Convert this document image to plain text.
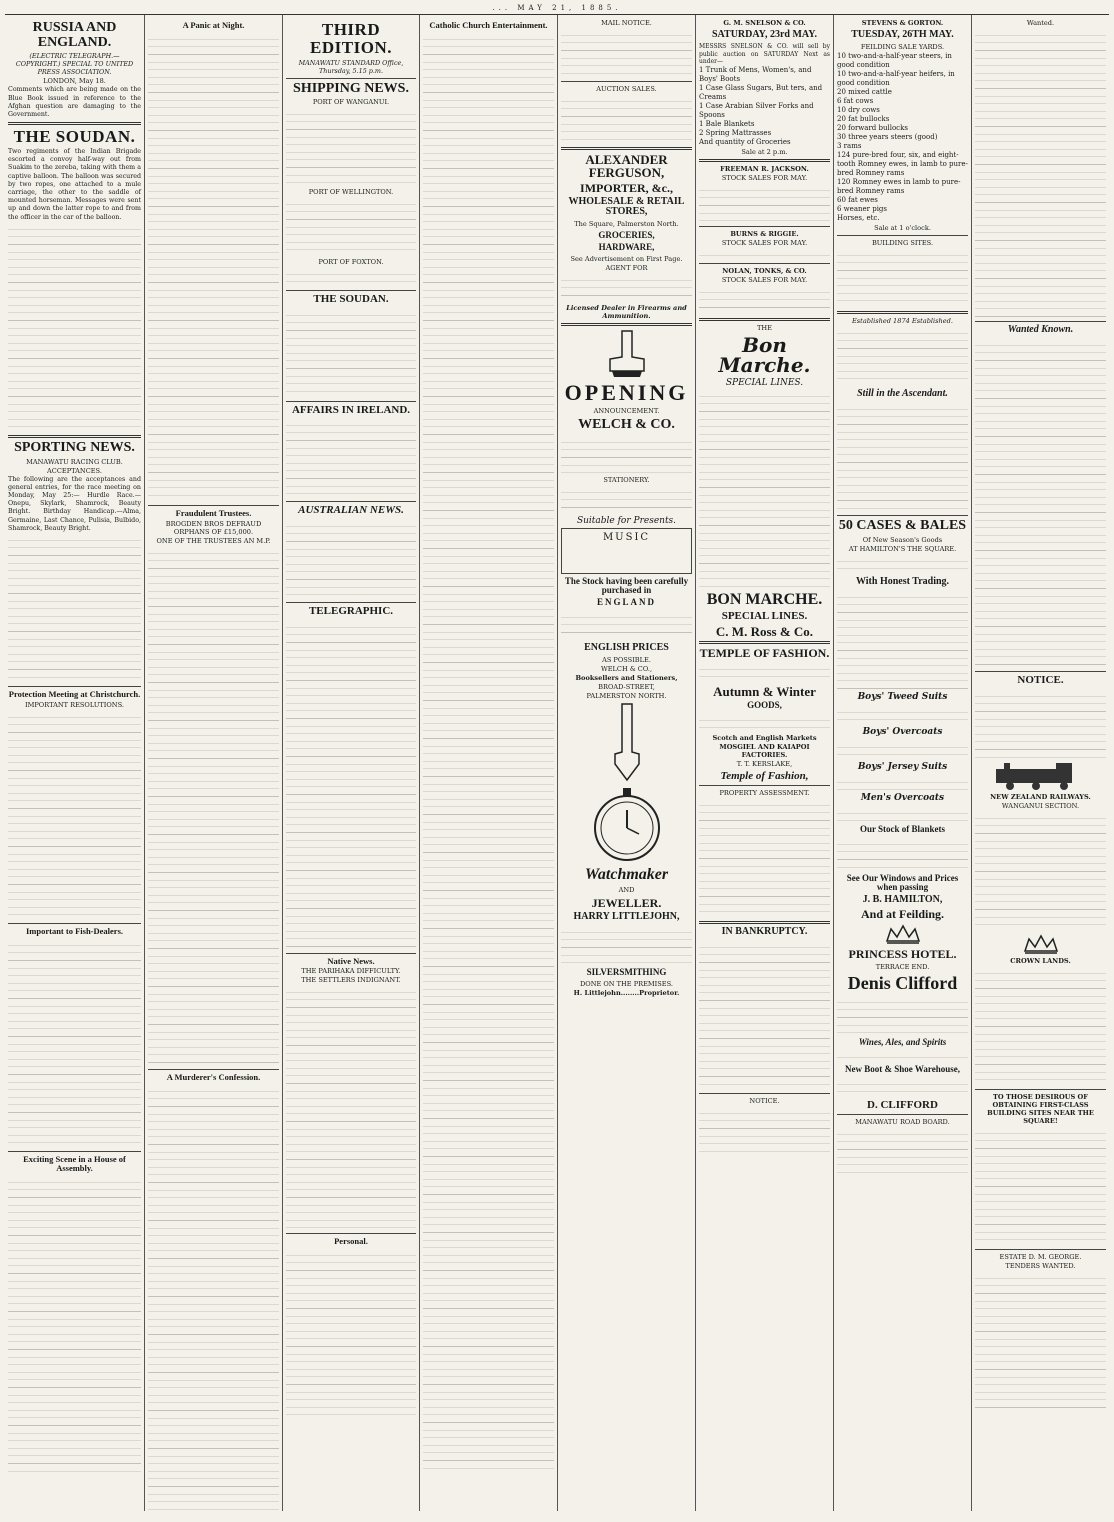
... MAY 21, 1885.
RUSSIA AND ENGLAND.
(ELECTRIC TELEGRAPH.—COPYRIGHT.) SPECIAL TO UNITED PRESS ASSOCIATION.
LONDON, May 18.
Comments which are being made on the Blue Book issued in reference to the Afghan question are damaging to the Government.
THE SOUDAN.
Two regiments of the Indian Brigade escorted a convoy half-way out from Suakim to the zereba, taking with them a captive balloon. The balloon was secured by two ropes, one attached to a mule carriage, the other to the saddle of mounted horseman. Messages were sent up and down the latter rope to and from the officer in the car of the balloon.
SPORTING NEWS.
MANAWATU RACING CLUB.
ACCEPTANCES.
The following are the acceptances and general entries, for the race meeting on Monday, May 25:— Hurdle Race.—Onepu, Skylark, Shamrock, Beauty Bright. Birthday Handicap.—Alma, Germaine, Last Chance, Pulisia, Bulbido, Shamrock, Beauty Bright.
Protection Meeting at Christchurch.
IMPORTANT RESOLUTIONS.
Important to Fish-Dealers.
Exciting Scene in a House of Assembly.
A Panic at Night.
Fraudulent Trustees.
BROGDEN BROS DEFRAUD ORPHANS OF £15,000.
ONE OF THE TRUSTEES AN M.P.
A Murderer's Confession.
THIRD EDITION.
MANAWATU STANDARD Office, Thursday, 5.15 p.m.
SHIPPING NEWS.
PORT OF WANGANUI.
PORT OF WELLINGTON.
PORT OF FOXTON.
THE SOUDAN.
AFFAIRS IN IRELAND.
AUSTRALIAN NEWS.
TELEGRAPHIC.
Native News.
THE PARIHAKA DIFFICULTY.
THE SETTLERS INDIGNANT.
Personal.
Catholic Church Entertainment.	MAIL NOTICE.
AUCTION SALES.
ALEXANDER FERGUSON,
IMPORTER, &c.,
WHOLESALE & RETAIL STORES,
The Square, Palmerston North.
GROCERIES,
HARDWARE,
See Advertisement on First Page.
AGENT FOR
Licensed Dealer in Firearms and Ammunition.
OPENING
ANNOUNCEMENT.
WELCH & CO.
STATIONERY.
Suitable for Presents.
MUSIC
The Stock having been carefully purchased in
ENGLAND
ENGLISH PRICES
AS POSSIBLE.
WELCH & CO.,
Booksellers and Stationers,
BROAD-STREET,
PALMERSTON NORTH.
Watchmaker
AND
JEWELLER.
HARRY LITTLEJOHN,
SILVERSMITHING
DONE ON THE PREMISES.
H. Littlejohn........Proprietor.
G. M. SNELSON & CO.
SATURDAY, 23rd MAY.
MESSRS SNELSON & CO. will sell by public auction on SATURDAY Next as under—
1 Trunk of Mens, Women's, and Boys' Boots
1 Case Glass Sugars, But ters, and Creams
1 Case Arabian Silver Forks and Spoons
1 Bale Blankets
2 Spring Mattrasses
And quantity of Groceries
Sale at 2 p.m.
FREEMAN R. JACKSON.
STOCK SALES FOR MAY.
BURNS & RIGGIE.
STOCK SALES FOR MAY.
NOLAN, TONKS, & CO.
STOCK SALES FOR MAY.
THE
Bon Marche.
SPECIAL LINES.
BON MARCHE.
SPECIAL LINES.
C. M. Ross & Co.
TEMPLE OF FASHION.
Autumn & Winter
GOODS,
Scotch and English Markets
MOSGIEL AND KAIAPOI FACTORIES.
T. T. KERSLAKE,
Temple of Fashion,
PROPERTY ASSESSMENT.
IN BANKRUPTCY.
NOTICE.
STEVENS & GORTON.
TUESDAY, 26TH MAY.
FEILDING SALE YARDS.
10 two-and-a-half-year steers, in good condition
10 two-and-a-half-year heifers, in good condition
20 mixed cattle
6 fat cows
10 dry cows
20 fat bullocks
20 forward bullocks
30 three years steers (good)
3 rams
124 pure-bred four, six, and eight-tooth Romney ewes, in lamb to pure-bred Romney rams
120 Romney ewes in lamb to pure-bred Romney rams
60 fat ewes
6 weaner pigs
Horses, etc.
Sale at 1 o'clock.
BUILDING SITES.
Established 1874 Established.
Still in the Ascendant.
50 CASES & BALES
Of New Season's Goods
AT HAMILTON'S THE SQUARE.
With Honest Trading.
Boys' Tweed Suits
Boys' Overcoats
Boys' Jersey Suits
Men's Overcoats
Our Stock of Blankets
See Our Windows and Prices when passing
J. B. HAMILTON,
And at Feilding.
PRINCESS HOTEL.
TERRACE END.
Denis Clifford
Wines, Ales, and Spirits
New Boot & Shoe Warehouse,
D. CLIFFORD
MANAWATU ROAD BOARD.
Wanted.
Wanted Known.
NOTICE.
NEW ZEALAND RAILWAYS.
WANGANUI SECTION.
CROWN LANDS.
TO THOSE DESIROUS OF OBTAINING FIRST-CLASS BUILDING SITES NEAR THE SQUARE!
ESTATE D. M. GEORGE.
TENDERS WANTED.
